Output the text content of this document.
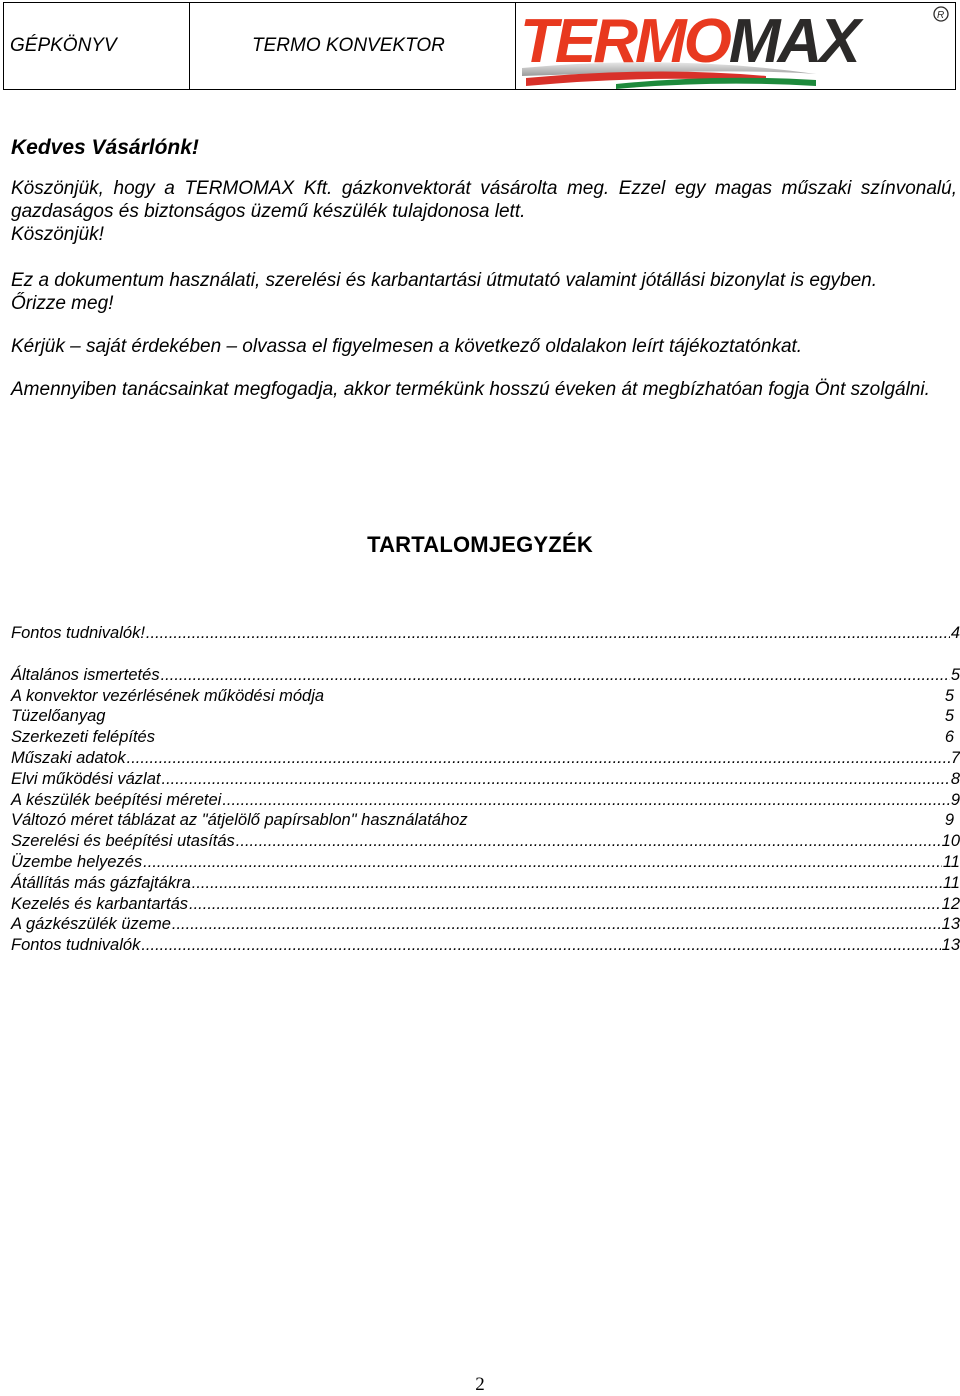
GÉPKÖNYV	TERMO KONVEKTOR	TERMOMAX	R
Kedves Vásárlónk!

Köszönjük, hogy a TERMOMAX Kft. gázkonvektorát vásárolta meg. Ezzel egy magas műszaki színvonalú, gazdaságos és biztonságos üzemű készülék tulajdonosa lett.

Köszönjük!

Ez a dokumentum használati, szerelési és karbantartási útmutató valamint jótállási bizonylat is egyben.

Őrizze meg!

Kérjük – saját érdekében – olvassa el figyelmesen a következő oldalakon leírt tájékoztatónkat.

Amennyiben tanácsainkat megfogadja, akkor termékünk hosszú éveken át megbízhatóan fogja Önt szolgálni.

TARTALOMJEGYZÉK
Fontos tudnivalók! .....	4
Általános ismertetés .....	5
A konvektor vezérlésének működési módja	5
Tüzelőanyag	5
Szerkezeti felépítés	6
Műszaki adatok .....	7
Elvi működési vázlat .....	8
A készülék beépítési méretei .....	9
Változó méret táblázat az "átjelölő papírsablon" használatához	9
Szerelési és beépítési utasítás .....	10
Üzembe helyezés .....	11
Átállítás más gázfajtákra .....	11
Kezelés és karbantartás .....	12
A gázkészülék üzeme .....	13
Fontos tudnivalók .....	13
2
